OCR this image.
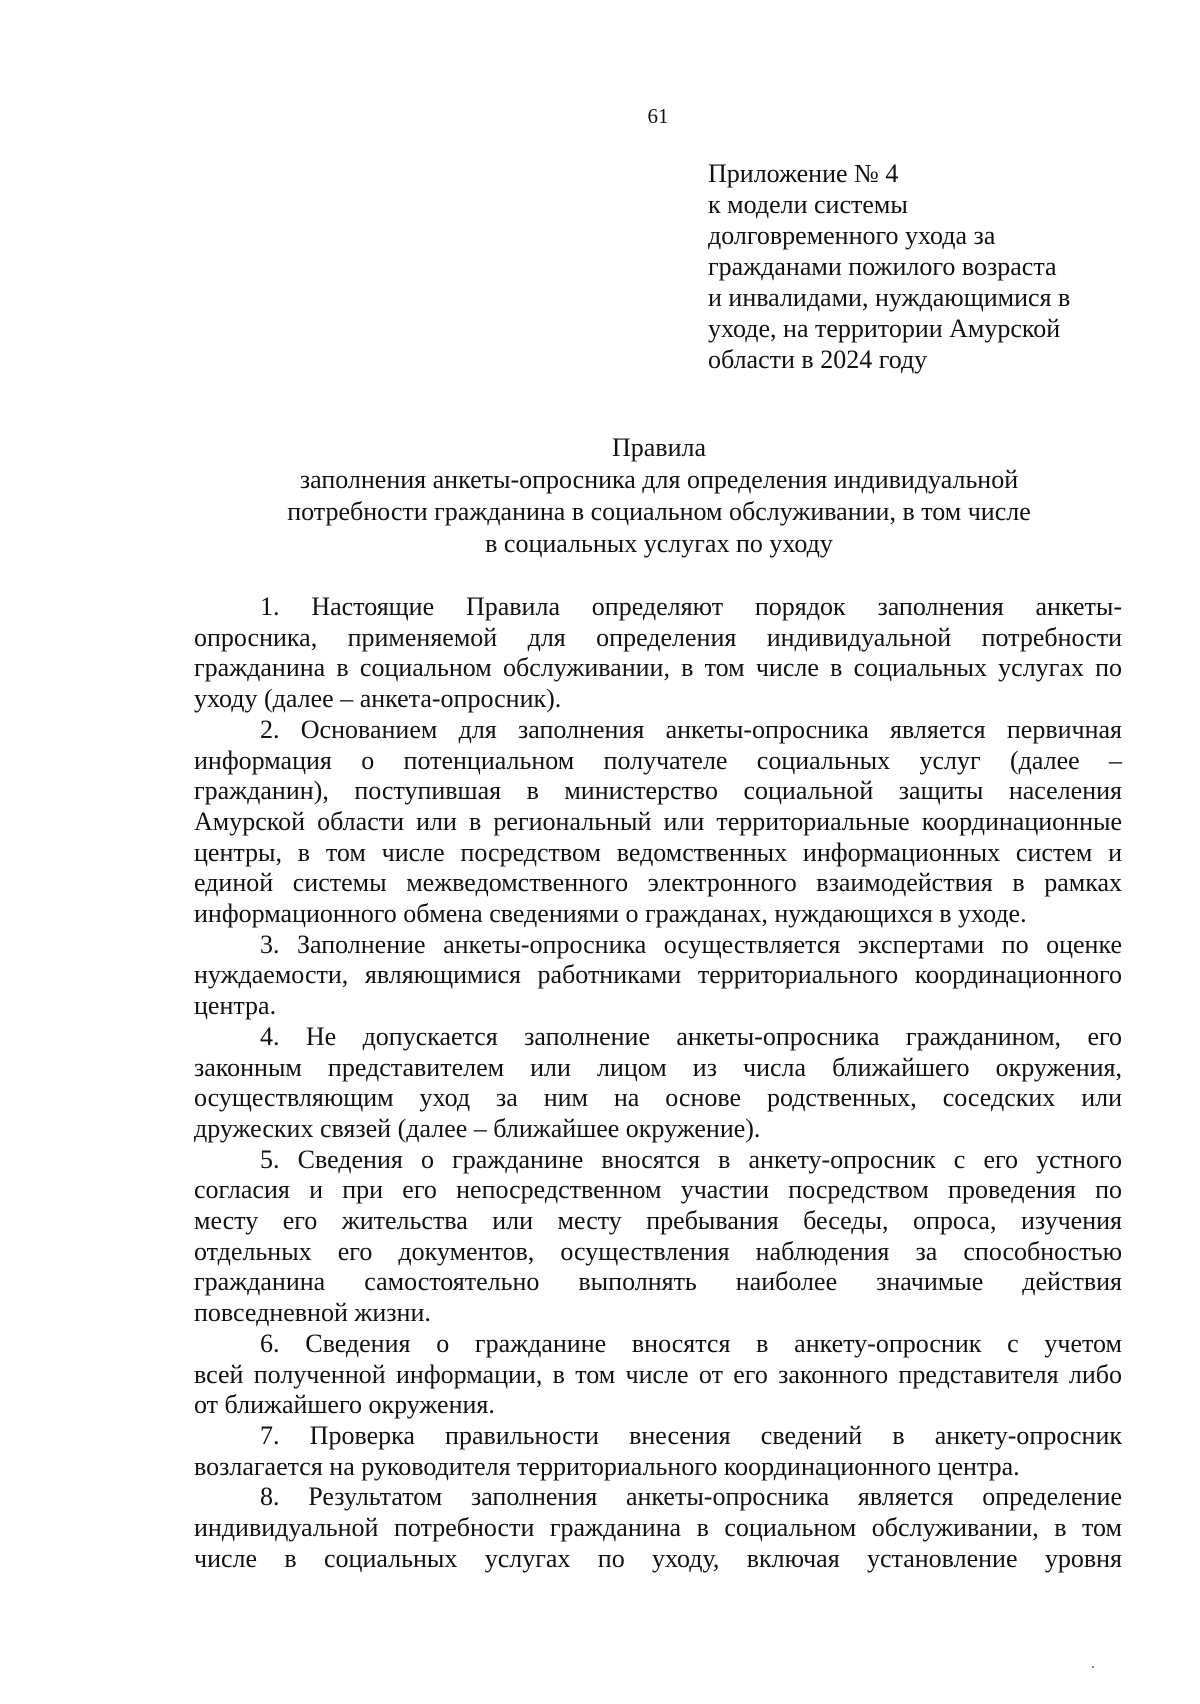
61
Приложение № 4
к модели системы
долговременного ухода за
гражданами пожилого возраста
и инвалидами, нуждающимися в
уходе, на территории Амурской
области в 2024 году
Правила
заполнения анкеты-опросника для определения индивидуальной
потребности гражданина в социальном обслуживании, в том числе
в социальных услугах по уходу
1. Настоящие Правила определяют порядок заполнения анкеты-
опросника, применяемой для определения индивидуальной потребности
гражданина в социальном обслуживании, в том числе в социальных услугах по
уходу (далее – анкета-опросник).
2. Основанием для заполнения анкеты-опросника является первичная
информация о потенциальном получателе социальных услуг (далее –
гражданин), поступившая в министерство социальной защиты населения
Амурской области или в региональный или территориальные координационные
центры, в том числе посредством ведомственных информационных систем и
единой системы межведомственного электронного взаимодействия в рамках
информационного обмена сведениями о гражданах, нуждающихся в уходе.
3. Заполнение анкеты-опросника осуществляется экспертами по оценке
нуждаемости, являющимися работниками территориального координационного
центра.
4. Не допускается заполнение анкеты-опросника гражданином, его
законным представителем или лицом из числа ближайшего окружения,
осуществляющим уход за ним на основе родственных, соседских или
дружеских связей (далее – ближайшее окружение).
5. Сведения о гражданине вносятся в анкету-опросник с его устного
согласия и при его непосредственном участии посредством проведения по
месту его жительства или месту пребывания беседы, опроса, изучения
отдельных его документов, осуществления наблюдения за способностью
гражданина самостоятельно выполнять наиболее значимые действия
повседневной жизни.
6. Сведения о гражданине вносятся в анкету-опросник с учетом
всей полученной информации, в том числе от его законного представителя либо
от ближайшего окружения.
7. Проверка правильности внесения сведений в анкету-опросник
возлагается на руководителя территориального координационного центра.
8. Результатом заполнения анкеты-опросника является определение
индивидуальной потребности гражданина в социальном обслуживании, в том
числе в социальных услугах по уходу, включая установление уровня
